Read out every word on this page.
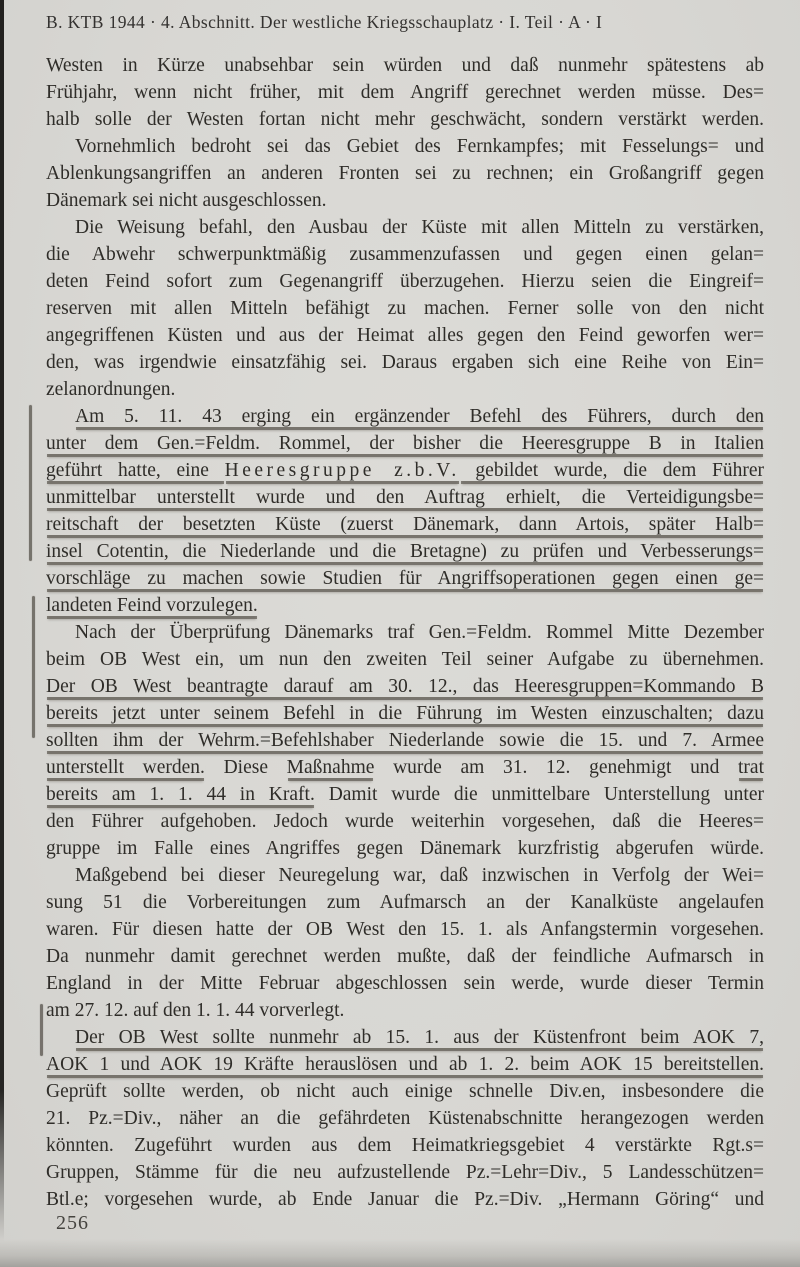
B. KTB 1944 · 4. Abschnitt. Der westliche Kriegsschauplatz · I. Teil · A · I
Westen in Kürze unabsehbar sein würden und daß nunmehr spätestens ab
Frühjahr, wenn nicht früher, mit dem Angriff gerechnet werden müsse. Des=
halb solle der Westen fortan nicht mehr geschwächt, sondern verstärkt werden.
Vornehmlich bedroht sei das Gebiet des Fernkampfes; mit Fesselungs= und
Ablenkungsangriffen an anderen Fronten sei zu rechnen; ein Großangriff gegen
Dänemark sei nicht ausgeschlossen.
Die Weisung befahl, den Ausbau der Küste mit allen Mitteln zu verstärken,
die Abwehr schwerpunktmäßig zusammenzufassen und gegen einen gelan=
deten Feind sofort zum Gegenangriff überzugehen. Hierzu seien die Eingreif=
reserven mit allen Mitteln befähigt zu machen. Ferner solle von den nicht
angegriffenen Küsten und aus der Heimat alles gegen den Feind geworfen wer=
den, was irgendwie einsatzfähig sei. Daraus ergaben sich eine Reihe von Ein=
zelanordnungen.
Am 5. 11. 43 erging ein ergänzender Befehl des Führers, durch den
unter dem Gen.=Feldm. Rommel, der bisher die Heeresgruppe B in Italien
geführt hatte, eine Heeresgruppe z.b.V. gebildet wurde, die dem Führer
unmittelbar unterstellt wurde und den Auftrag erhielt, die Verteidigungsbe=
reitschaft der besetzten Küste (zuerst Dänemark, dann Artois, später Halb=
insel Cotentin, die Niederlande und die Bretagne) zu prüfen und Verbesserungs=
vorschläge zu machen sowie Studien für Angriffsoperationen gegen einen ge=
landeten Feind vorzulegen.
Nach der Überprüfung Dänemarks traf Gen.=Feldm. Rommel Mitte Dezember
beim OB West ein, um nun den zweiten Teil seiner Aufgabe zu übernehmen.
Der OB West beantragte darauf am 30. 12., das Heeresgruppen=Kommando B
bereits jetzt unter seinem Befehl in die Führung im Westen einzuschalten; dazu
sollten ihm der Wehrm.=Befehlshaber Niederlande sowie die 15. und 7. Armee
unterstellt werden. Diese Maßnahme wurde am 31. 12. genehmigt und trat
bereits am 1. 1. 44 in Kraft. Damit wurde die unmittelbare Unterstellung unter
den Führer aufgehoben. Jedoch wurde weiterhin vorgesehen, daß die Heeres=
gruppe im Falle eines Angriffes gegen Dänemark kurzfristig abgerufen würde.
Maßgebend bei dieser Neuregelung war, daß inzwischen in Verfolg der Wei=
sung 51 die Vorbereitungen zum Aufmarsch an der Kanalküste angelaufen
waren. Für diesen hatte der OB West den 15. 1. als Anfangstermin vorgesehen.
Da nunmehr damit gerechnet werden mußte, daß der feindliche Aufmarsch in
England in der Mitte Februar abgeschlossen sein werde, wurde dieser Termin
am 27. 12. auf den 1. 1. 44 vorverlegt.
Der OB West sollte nunmehr ab 15. 1. aus der Küstenfront beim AOK 7,
AOK 1 und AOK 19 Kräfte herauslösen und ab 1. 2. beim AOK 15 bereitstellen.
Geprüft sollte werden, ob nicht auch einige schnelle Div.en, insbesondere die
21. Pz.=Div., näher an die gefährdeten Küstenabschnitte herangezogen werden
könnten. Zugeführt wurden aus dem Heimatkriegsgebiet 4 verstärkte Rgt.s=
Gruppen, Stämme für die neu aufzustellende Pz.=Lehr=Div., 5 Landesschützen=
Btl.e; vorgesehen wurde, ab Ende Januar die Pz.=Div. „Hermann Göring“ und
256
